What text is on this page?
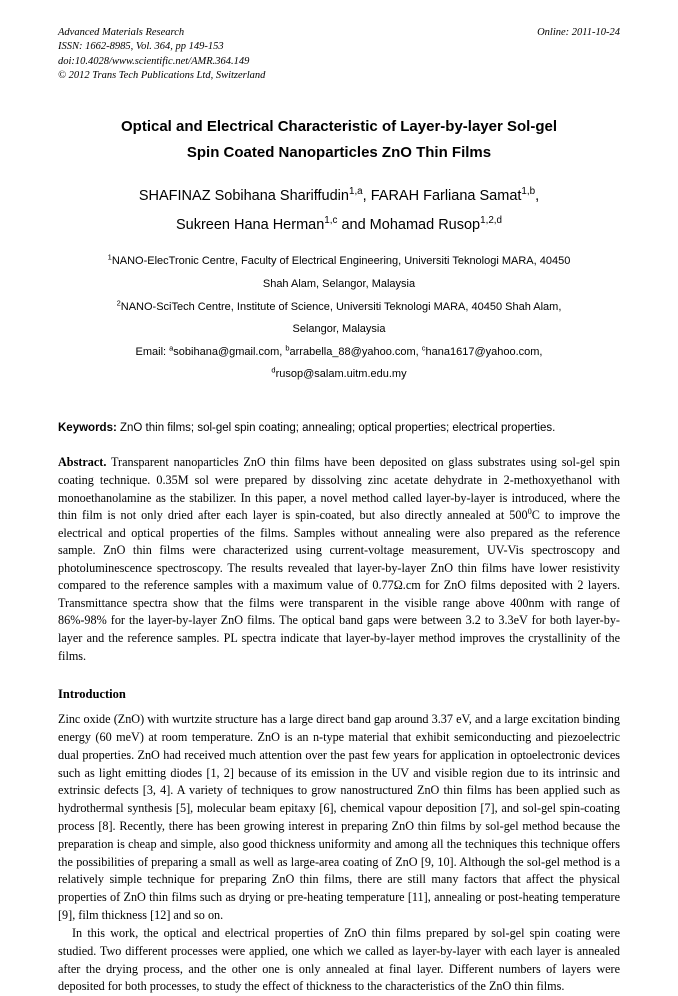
Advanced Materials Research
ISSN: 1662-8985, Vol. 364, pp 149-153
doi:10.4028/www.scientific.net/AMR.364.149
© 2012 Trans Tech Publications Ltd, Switzerland
Online: 2011-10-24
Optical and Electrical Characteristic of Layer-by-layer Sol-gel
Spin Coated Nanoparticles ZnO Thin Films
SHAFINAZ Sobihana Shariffudin$^{1,a}$, FARAH Farliana Samat$^{1,b}$,
Sukreen Hana Herman$^{1,c}$ and Mohamad Rusop$^{1,2,d}$
$^1$NANO-ElecTronic Centre, Faculty of Electrical Engineering, Universiti Teknologi MARA, 40450
Shah Alam, Selangor, Malaysia
$^2$NANO-SciTech Centre, Institute of Science, Universiti Teknologi MARA, 40450 Shah Alam,
Selangor, Malaysia
Email: $^a$sobihana@gmail.com, $^b$arrabella_88@yahoo.com, $^c$hana1617@yahoo.com,
$^d$rusop@salam.uitm.edu.my
Keywords: ZnO thin films; sol-gel spin coating; annealing; optical properties; electrical properties.
Abstract. Transparent nanoparticles ZnO thin films have been deposited on glass substrates using sol-gel spin coating technique. 0.35M sol were prepared by dissolving zinc acetate dehydrate in 2-methoxyethanol with monoethanolamine as the stabilizer. In this paper, a novel method called layer-by-layer is introduced, where the thin film is not only dried after each layer is spin-coated, but also directly annealed at $500^0C$ to improve the electrical and optical properties of the films. Samples without annealing were also prepared as the reference sample. ZnO thin films were characterized using current-voltage measurement, UV-Vis spectroscopy and photoluminescence spectroscopy. The results revealed that layer-by-layer ZnO thin films have lower resistivity compared to the reference samples with a maximum value of 0.77Ω.cm for ZnO films deposited with 2 layers. Transmittance spectra show that the films were transparent in the visible range above 400nm with range of 86%-98% for the layer-by-layer ZnO films. The optical band gaps were between 3.2 to 3.3eV for both layer-by-layer and the reference samples. PL spectra indicate that layer-by-layer method improves the crystallinity of the films.
Introduction
Zinc oxide (ZnO) with wurtzite structure has a large direct band gap around 3.37 eV, and a large excitation binding energy (60 meV) at room temperature. ZnO is an n-type material that exhibit semiconducting and piezoelectric dual properties. ZnO had received much attention over the past few years for application in optoelectronic devices such as light emitting diodes [1, 2] because of its emission in the UV and visible region due to its intrinsic and extrinsic defects [3, 4]. A variety of techniques to grow nanostructured ZnO thin films has been applied such as hydrothermal synthesis [5], molecular beam epitaxy [6], chemical vapour deposition [7], and sol-gel spin-coating process [8]. Recently, there has been growing interest in preparing ZnO thin films by sol-gel method because the preparation is cheap and simple, also good thickness uniformity and among all the techniques this technique offers the possibilities of preparing a small as well as large-area coating of ZnO [9, 10]. Although the sol-gel method is a relatively simple technique for preparing ZnO thin films, there are still many factors that affect the physical properties of ZnO thin films such as drying or pre-heating temperature [11], annealing or post-heating temperature [9], film thickness [12] and so on.
In this work, the optical and electrical properties of ZnO thin films prepared by sol-gel spin coating were studied. Two different processes were applied, one which we called as layer-by-layer with each layer is annealed after the drying process, and the other one is only annealed at final layer. Different numbers of layers were deposited for both processes, to study the effect of thickness to the characteristics of the ZnO thin films.
